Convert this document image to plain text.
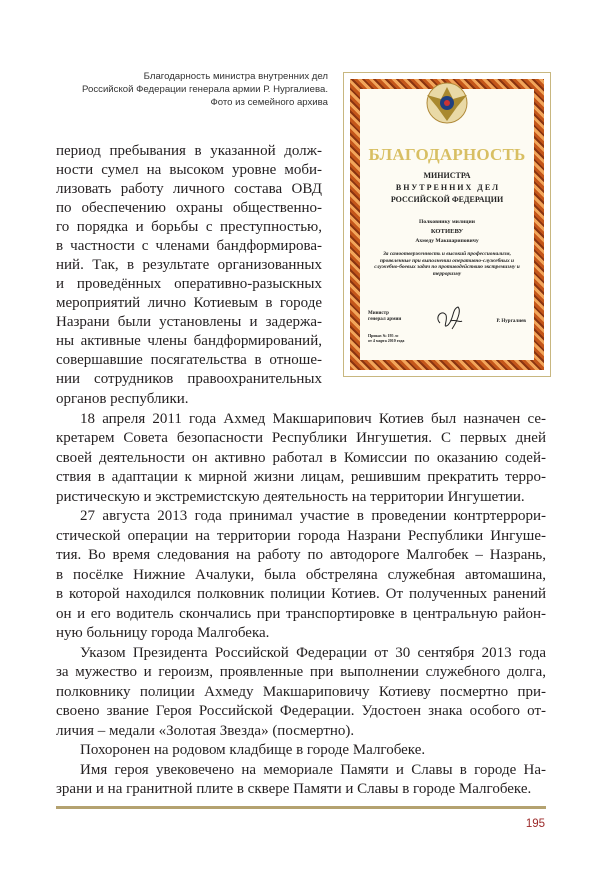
Благодарность министра внутренних дел
Российской Федерации генерала армии Р. Нургалиева.
Фото из семейного архива
БЛАГОДАРНОСТЬ
МИНИСТРА
В Н У Т Р Е Н Н И Х   Д Е Л
РОССИЙСКОЙ ФЕДЕРАЦИИ
Полковнику милиции
КОТИЕВУ
Ахмеду Макшариповичу
За самоотверженность и высокий профессионализм, проявленные при выполнении оперативно-служебных и служебно-боевых задач по противодействию экстремизму и терроризму
Министр
генерал армии	Р. Нургалиев
Приказ № 195 лс
от 4 марта 2010 года
период пребывания в указанной долж-
ности сумел на высоком уровне моби-
лизовать работу личного состава ОВД
по обеспечению охраны общественно-
го порядка и борьбы с преступностью,
в частности с членами бандформирова-
ний. Так, в результате организованных
и проведённых оперативно-разыскных
мероприятий лично Котиевым в городе
Назрани были установлены и задержа-
ны активные члены бандформирований,
совершавшие посягательства в отноше-
нии сотрудников правоохранительных
органов республики.
18 апреля 2011 года Ахмед Макшарипович Котиев был назначен се-
кретарем Совета безопасности Республики Ингушетия. С первых дней
своей деятельности он активно работал в Комиссии по оказанию содей-
ствия в адаптации к мирной жизни лицам, решившим прекратить терро-
ристическую и экстремистскую деятельность на территории Ингушетии.
27 августа 2013 года принимал участие в проведении контртеррори-
стической операции на территории города Назрани Республики Ингуше-
тия. Во время следования на работу по автодороге Малгобек – Назрань,
в посёлке Нижние Ачалуки, была обстреляна служебная автомашина,
в которой находился полковник полиции Котиев. От полученных ранений
он и его водитель скончались при транспортировке в центральную район-
ную больницу города Малгобека.
Указом Президента Российской Федерации от 30 сентября 2013 года
за мужество и героизм, проявленные при выполнении служебного долга,
полковнику полиции Ахмеду Макшариповичу Котиеву посмертно при-
своено звание Героя Российской Федерации. Удостоен знака особого от-
личия – медали «Золотая Звезда» (посмертно).
Похоронен на родовом кладбище в городе Малгобеке.
Имя героя увековечено на мемориале Памяти и Славы в городе На-
зрани и на гранитной плите в сквере Памяти и Славы в городе Малгобеке.
195
